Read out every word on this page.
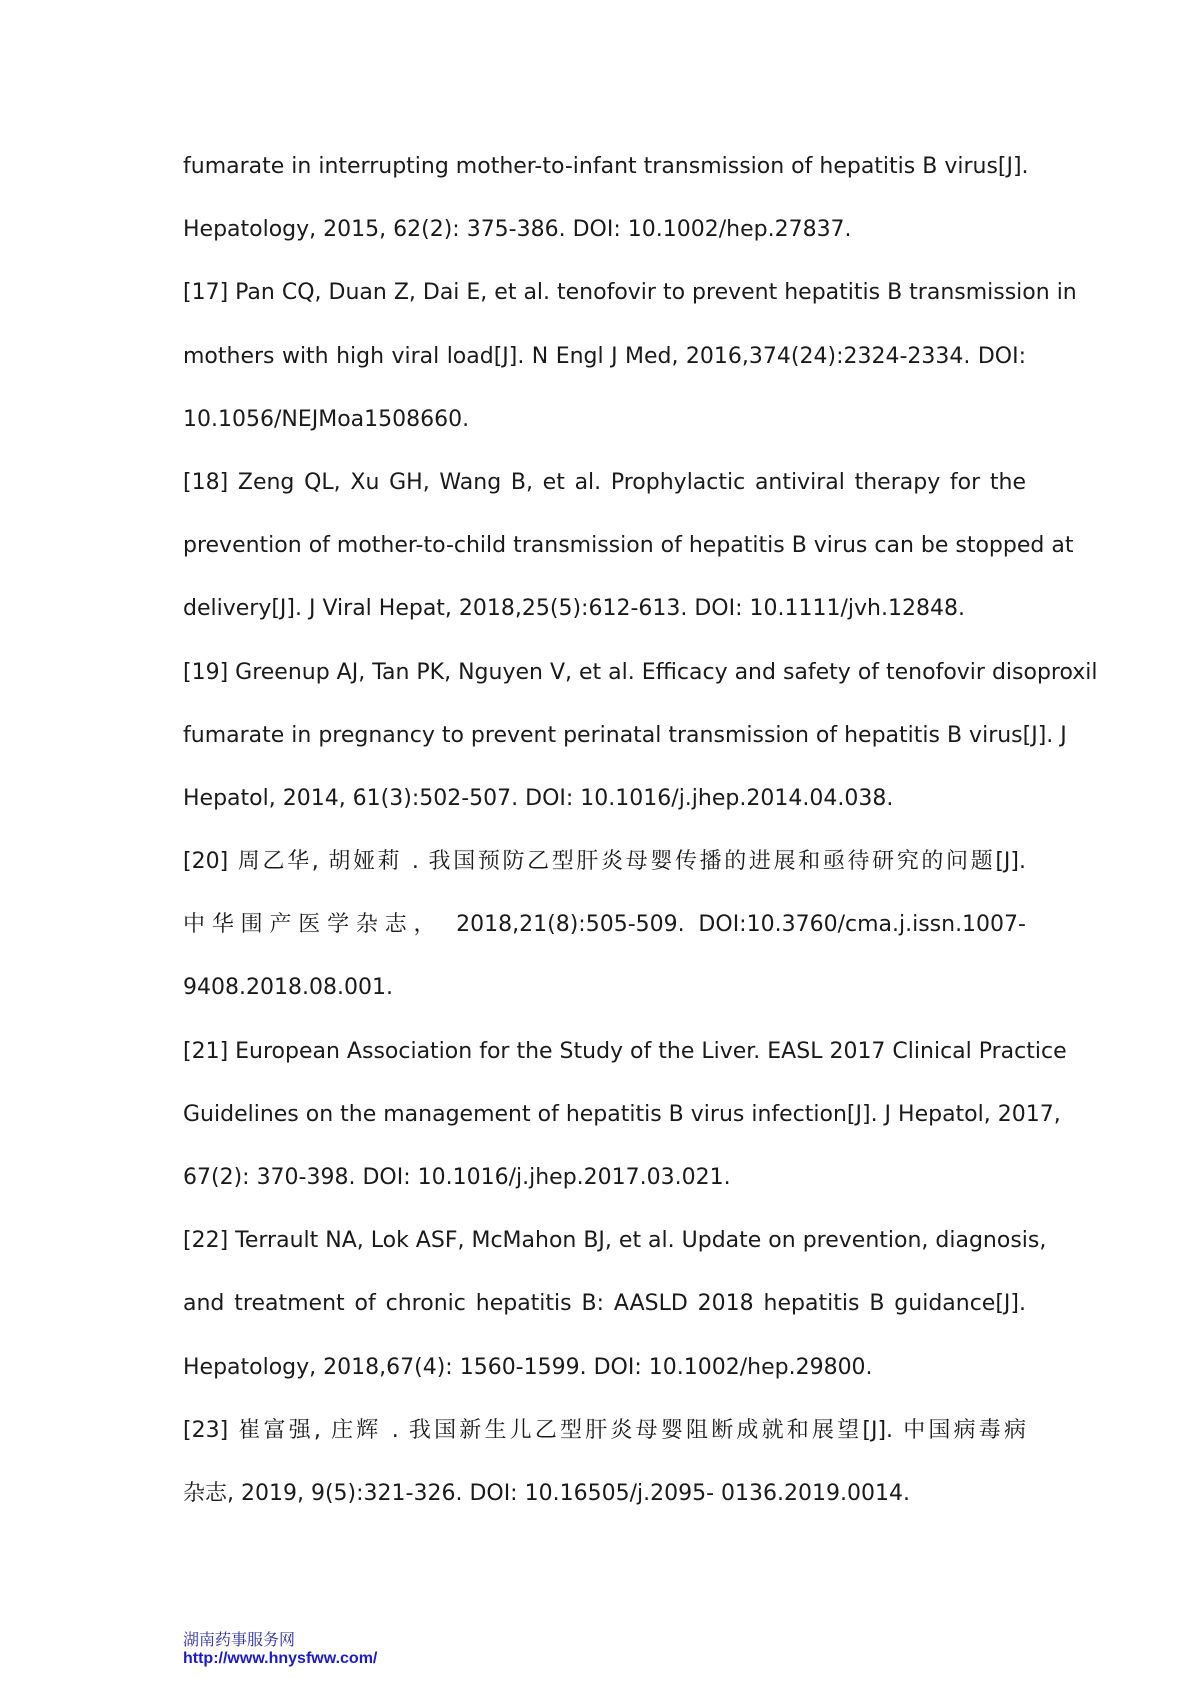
fumarate in interrupting mother-to-infant transmission of hepatitis B virus[J].
Hepatology, 2015, 62(2): 375-386. DOI: 10.1002/hep.27837.
[17] Pan CQ, Duan Z, Dai E, et al. tenofovir to prevent hepatitis B transmission in
mothers with high viral load[J]. N Engl J Med, 2016,374(24):2324-2334. DOI:
10.1056/NEJMoa1508660.
[18] Zeng QL, Xu GH, Wang B, et al. Prophylactic antiviral therapy for the
prevention of mother-to-child transmission of hepatitis B virus can be stopped at
delivery[J]. J Viral Hepat, 2018,25(5):612-613. DOI: 10.1111/jvh.12848.
[19] Greenup AJ, Tan PK, Nguyen V, et al. Efficacy and safety of tenofovir disoproxil
fumarate in pregnancy to prevent perinatal transmission of hepatitis B virus[J]. J
Hepatol, 2014, 61(3):502-507. DOI: 10.1016/j.jhep.2014.04.038.
[20] 周乙华, 胡娅莉 . 我国预防乙型肝炎母婴传播的进展和亟待研究的问题[J].
中华围产医学杂志， 2018,21(8):505-509. DOI:10.3760/cma.j.issn.1007-
9408.2018.08.001.
[21] European Association for the Study of the Liver. EASL 2017 Clinical Practice
Guidelines on the management of hepatitis B virus infection[J]. J Hepatol, 2017,
67(2): 370-398. DOI: 10.1016/j.jhep.2017.03.021.
[22] Terrault NA, Lok ASF, McMahon BJ, et al. Update on prevention, diagnosis,
and treatment of chronic hepatitis B: AASLD 2018 hepatitis B guidance[J].
Hepatology, 2018,67(4): 1560-1599. DOI: 10.1002/hep.29800.
[23] 崔富强, 庄辉 . 我国新生儿乙型肝炎母婴阻断成就和展望[J]. 中国病毒病
杂志, 2019, 9(5):321-326. DOI: 10.16505/j.2095- 0136.2019.0014.
湖南药事服务网
http://www.hnysfww.com/
